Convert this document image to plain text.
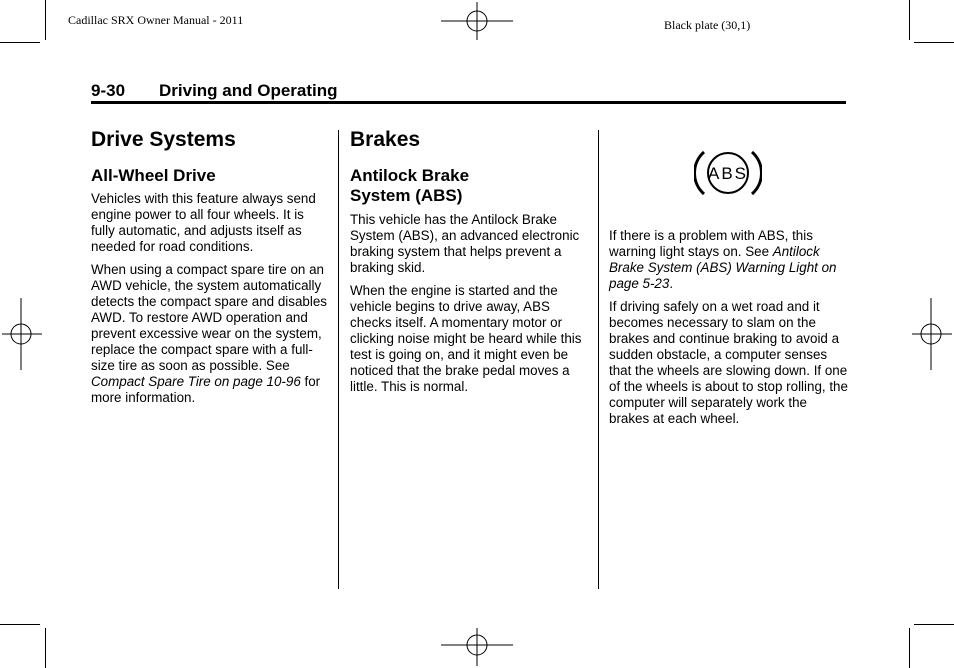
Cadillac SRX Owner Manual - 2011	Black plate (30,1)
9-30 Driving and Operating
Drive Systems
All-Wheel Drive
Vehicles with this feature always send engine power to all four wheels. It is fully automatic, and adjusts itself as needed for road conditions.
When using a compact spare tire on an AWD vehicle, the system automatically detects the compact spare and disables AWD. To restore AWD operation and prevent excessive wear on the system, replace the compact spare with a full-size tire as soon as possible. See Compact Spare Tire on page 10-96 for more information.
Brakes
Antilock Brake
System (ABS)
This vehicle has the Antilock Brake System (ABS), an advanced electronic braking system that helps prevent a braking skid.
When the engine is started and the vehicle begins to drive away, ABS checks itself. A momentary motor or clicking noise might be heard while this test is going on, and it might even be noticed that the brake pedal moves a little. This is normal.
ABS
If there is a problem with ABS, this warning light stays on. See Antilock Brake System (ABS) Warning Light on page 5-23.
If driving safely on a wet road and it becomes necessary to slam on the brakes and continue braking to avoid a sudden obstacle, a computer senses that the wheels are slowing down. If one of the wheels is about to stop rolling, the computer will separately work the brakes at each wheel.
